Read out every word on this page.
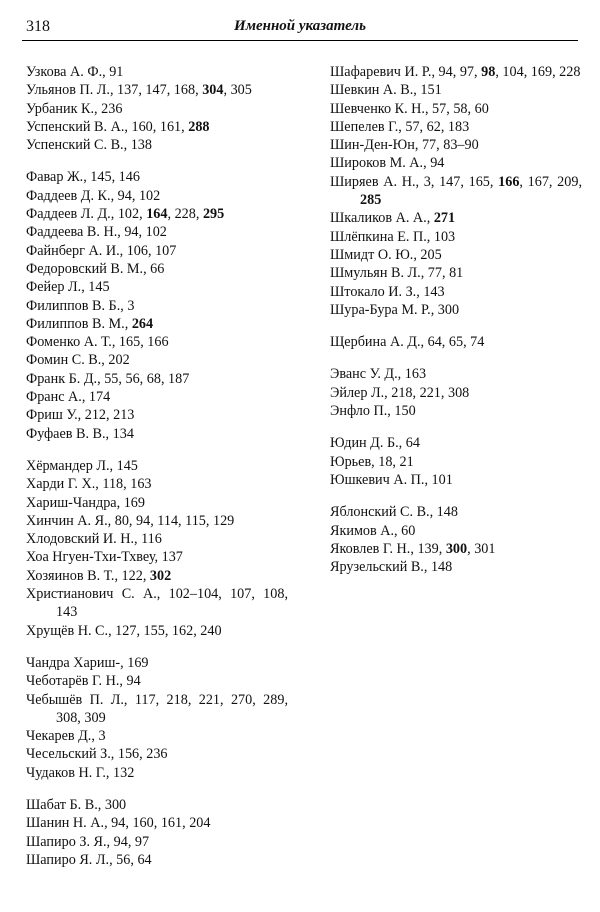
318	Именной указатель

Узкова А. Ф., 91

Ульянов П. Л., 137, 147, 168, 304, 305

Урбаник К., 236

Успенский В. А., 160, 161, 288

Успенский С. В., 138

Фавар Ж., 145, 146

Фаддеев Д. К., 94, 102

Фаддеев Л. Д., 102, 164, 228, 295

Фаддеева В. Н., 94, 102

Файнберг А. И., 106, 107

Федоровский В. М., 66

Фейер Л., 145

Филиппов В. Б., 3

Филиппов В. М., 264

Фоменко А. Т., 165, 166

Фомин С. В., 202

Франк Б. Д., 55, 56, 68, 187

Франс А., 174

Фриш У., 212, 213

Фуфаев В. В., 134

Хёрмандер Л., 145

Харди Г. Х., 118, 163

Хариш-Чандра, 169

Хинчин А. Я., 80, 94, 114, 115, 129

Хлодовский И. Н., 116

Хоа Нгуен-Тхи-Тхвеу, 137

Хозяинов В. Т., 122, 302

Христианович С. А., 102–104, 107, 108, 143

Хрущёв Н. С., 127, 155, 162, 240

Чандра Хариш-, 169

Чеботарёв Г. Н., 94

Чебышёв П. Л., 117, 218, 221, 270, 289, 308, 309

Чекарев Д., 3

Чесельский З., 156, 236

Чудаков Н. Г., 132

Шабат Б. В., 300

Шанин Н. А., 94, 160, 161, 204

Шапиро З. Я., 94, 97

Шапиро Я. Л., 56, 64

Шафаревич И. Р., 94, 97, 98, 104, 169, 228

Шевкин А. В., 151

Шевченко К. Н., 57, 58, 60

Шепелев Г., 57, 62, 183

Шин-Ден-Юн, 77, 83–90

Широков М. А., 94

Ширяев А. Н., 3, 147, 165, 166, 167, 209, 285

Шкаликов А. А., 271

Шлёпкина Е. П., 103

Шмидт О. Ю., 205

Шмульян В. Л., 77, 81

Штокало И. З., 143

Шура-Бура М. Р., 300

Щербина А. Д., 64, 65, 74

Эванс У. Д., 163

Эйлер Л., 218, 221, 308

Энфло П., 150

Юдин Д. Б., 64

Юрьев, 18, 21

Юшкевич А. П., 101

Яблонский С. В., 148

Якимов А., 60

Яковлев Г. Н., 139, 300, 301

Ярузельский В., 148
